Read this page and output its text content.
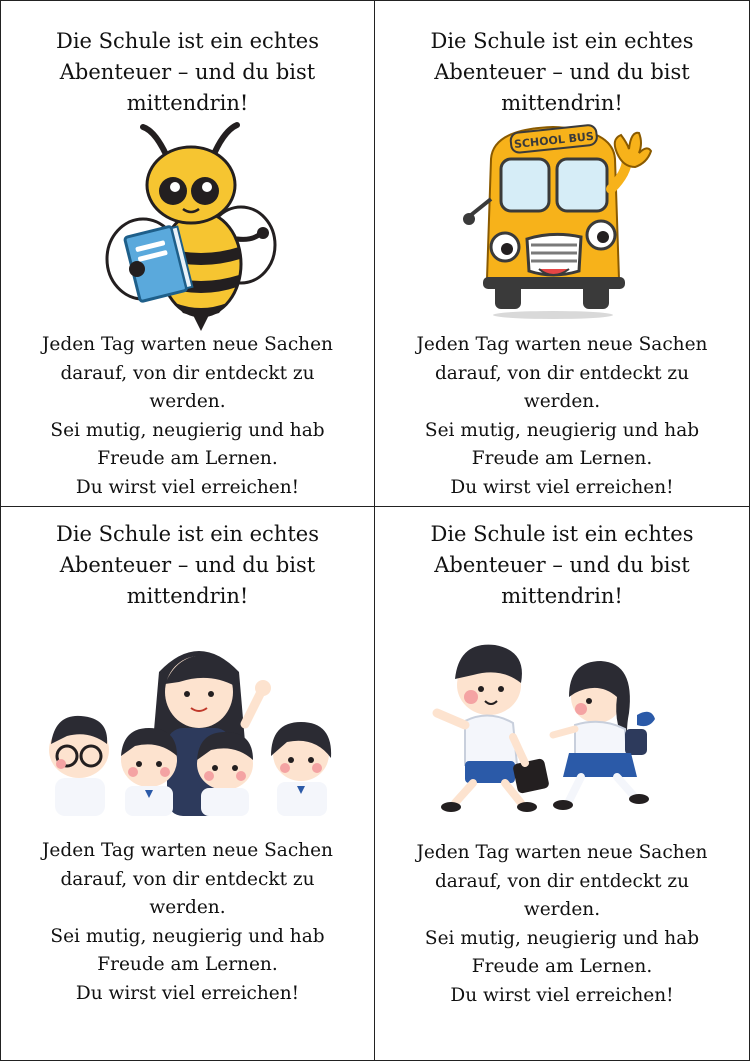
Die Schule ist ein echtes
Abenteuer – und du bist
mittendrin!
Jeden Tag warten neue Sachen
darauf, von dir entdeckt zu
werden.
Sei mutig, neugierig und hab
Freude am Lernen.
Du wirst viel erreichen!
Die Schule ist ein echtes
Abenteuer – und du bist
mittendrin!
SCHOOL BUS
Jeden Tag warten neue Sachen
darauf, von dir entdeckt zu
werden.
Sei mutig, neugierig und hab
Freude am Lernen.
Du wirst viel erreichen!
Die Schule ist ein echtes
Abenteuer – und du bist
mittendrin!
Jeden Tag warten neue Sachen
darauf, von dir entdeckt zu
werden.
Sei mutig, neugierig und hab
Freude am Lernen.
Du wirst viel erreichen!
Die Schule ist ein echtes
Abenteuer – und du bist
mittendrin!
Jeden Tag warten neue Sachen
darauf, von dir entdeckt zu
werden.
Sei mutig, neugierig und hab
Freude am Lernen.
Du wirst viel erreichen!
